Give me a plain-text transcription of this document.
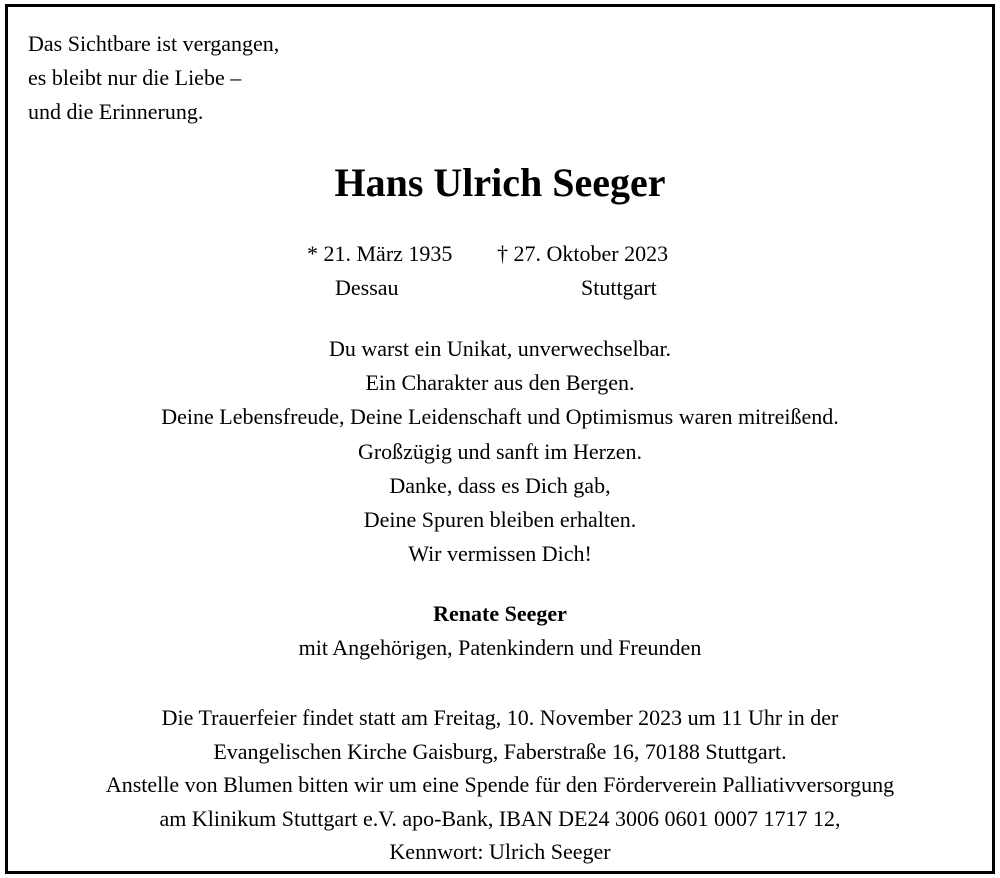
Das Sichtbare ist vergangen,
es bleibt nur die Liebe –
und die Erinnerung.
Hans Ulrich Seeger
* 21. März 1935
Dessau
† 27. Oktober 2023
Stuttgart
Du warst ein Unikat, unverwechselbar.
Ein Charakter aus den Bergen.
Deine Lebensfreude, Deine Leidenschaft und Optimismus waren mitreißend.
Großzügig und sanft im Herzen.
Danke, dass es Dich gab,
Deine Spuren bleiben erhalten.
Wir vermissen Dich!
Renate Seeger
mit Angehörigen, Patenkindern und Freunden
Die Trauerfeier findet statt am Freitag, 10. November 2023 um 11 Uhr in der
Evangelischen Kirche Gaisburg, Faberstraße 16, 70188 Stuttgart.
Anstelle von Blumen bitten wir um eine Spende für den Förderverein Palliativversorgung
am Klinikum Stuttgart e.V. apo-Bank, IBAN DE24 3006 0601 0007 1717 12,
Kennwort: Ulrich Seeger
